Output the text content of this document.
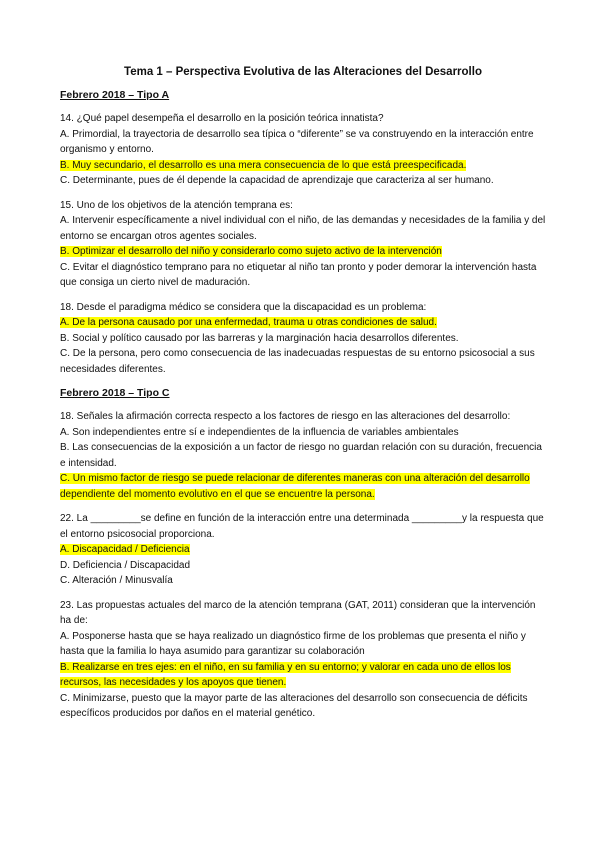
Tema 1 – Perspectiva Evolutiva de las Alteraciones del Desarrollo
Febrero 2018 – Tipo A

14. ¿Qué papel desempeña el desarrollo en la posición teórica innatista?

A. Primordial, la trayectoria de desarrollo sea típica o “diferente” se va construyendo en la interacción entre organismo y entorno.

B. Muy secundario, el desarrollo es una mera consecuencia de lo que está preespecificada.

C. Determinante, pues de él depende la capacidad de aprendizaje que caracteriza al ser humano.

15. Uno de los objetivos de la atención temprana es:

A. Intervenir específicamente a nivel individual con el niño, de las demandas y necesidades de la familia y del entorno se encargan otros agentes sociales.

B. Optimizar el desarrollo del niño y considerarlo como sujeto activo de la intervención

C. Evitar el diagnóstico temprano para no etiquetar al niño tan pronto y poder demorar la intervención hasta que consiga un cierto nivel de maduración.

18. Desde el paradigma médico se considera que la discapacidad es un problema:

A. De la persona causado por una enfermedad, trauma u otras condiciones de salud.

B. Social y político causado por las barreras y la marginación hacia desarrollos diferentes.

C. De la persona, pero como consecuencia de las inadecuadas respuestas de su entorno psicosocial a sus necesidades diferentes.

Febrero 2018 – Tipo C

18. Señales la afirmación correcta respecto a los factores de riesgo en las alteraciones del desarrollo:

A. Son independientes entre sí e independientes de la influencia de variables ambientales

B. Las consecuencias de la exposición a un factor de riesgo no guardan relación con su duración, frecuencia e intensidad.

C. Un mismo factor de riesgo se puede relacionar de diferentes maneras con una alteración del desarrollo dependiente del momento evolutivo en el que se encuentre la persona.

22. La _________se define en función de la interacción entre una determinada _________y la respuesta que el entorno psicosocial proporciona.

A. Discapacidad / Deficiencia

D. Deficiencia / Discapacidad

C. Alteración / Minusvalía

23. Las propuestas actuales del marco de la atención temprana (GAT, 2011) consideran que la intervención ha de:

A. Posponerse hasta que se haya realizado un diagnóstico firme de los problemas que presenta el niño y hasta que la familia lo haya asumido para garantizar su colaboración

B. Realizarse en tres ejes: en el niño, en su familia y en su entorno; y valorar en cada uno de ellos los recursos, las necesidades y los apoyos que tienen.

C. Minimizarse, puesto que la mayor parte de las alteraciones del desarrollo son consecuencia de déficits específicos producidos por daños en el material genético.
